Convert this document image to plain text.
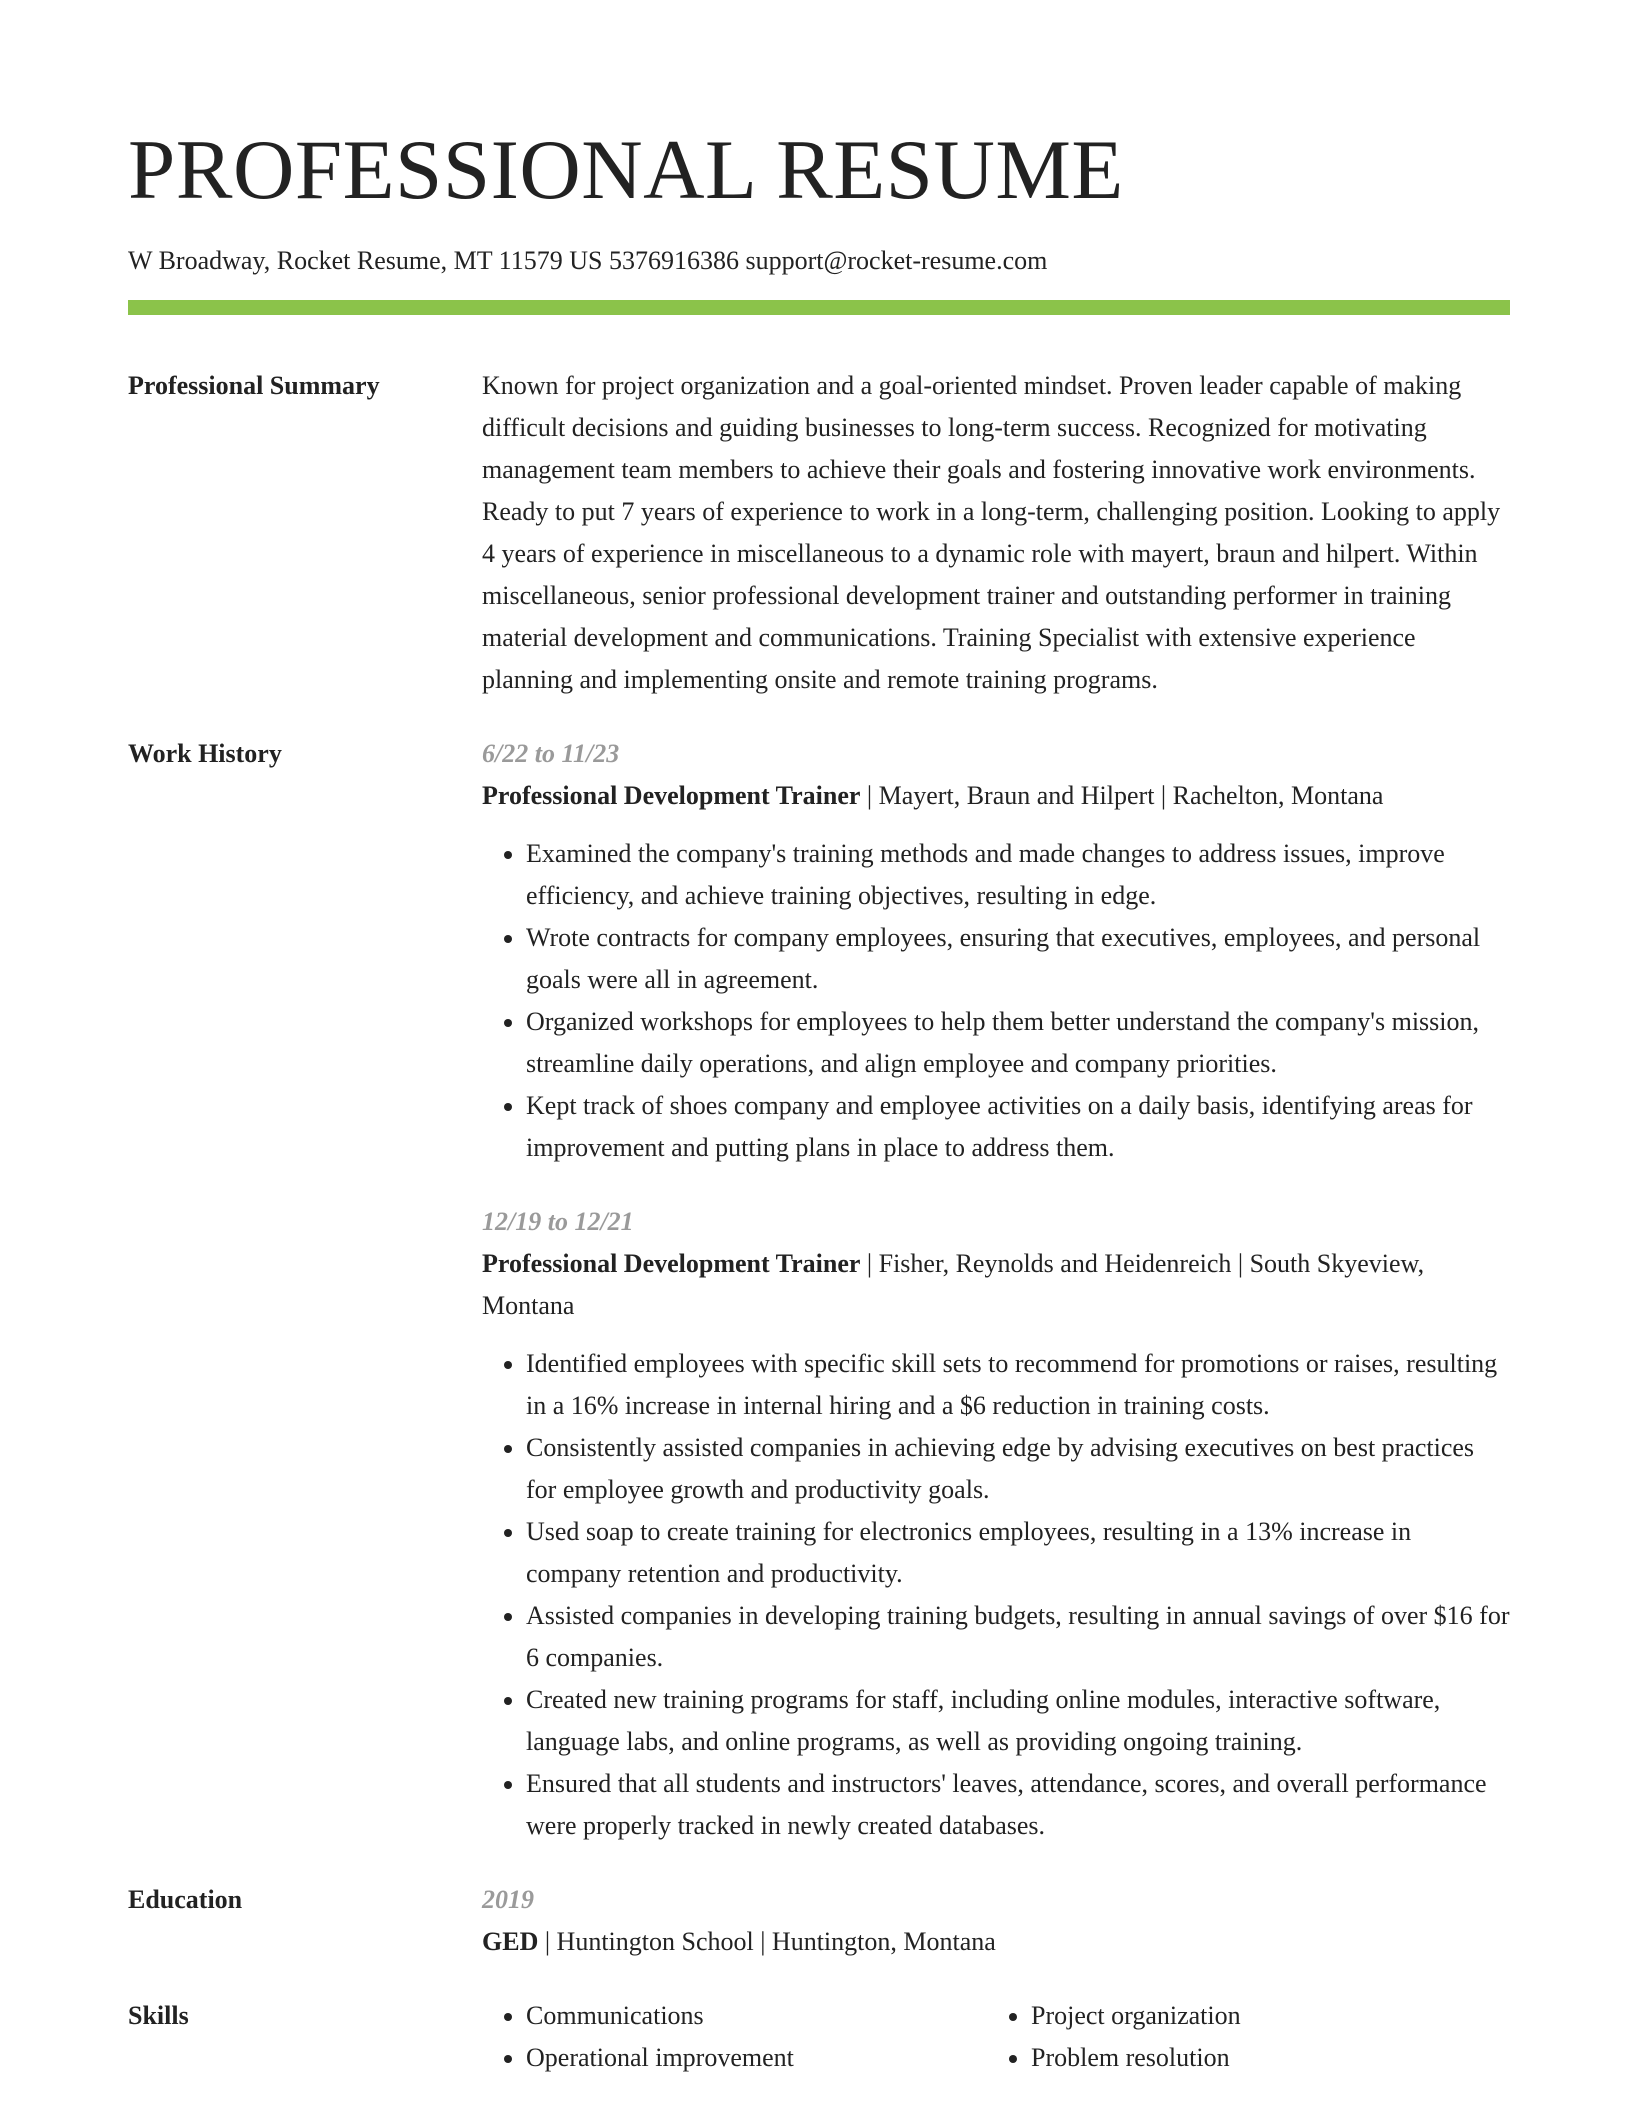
PROFESSIONAL RESUME
W Broadway, Rocket Resume, MT 11579 US 5376916386 support@rocket-resume.com
Professional Summary	Known for project organization and a goal-oriented mindset. Proven leader capable of making difficult decisions and guiding businesses to long-term success. Recognized for motivating management team members to achieve their goals and fostering innovative work environments. Ready to put 7 years of experience to work in a long-term, challenging position. Looking to apply 4 years of experience in miscellaneous to a dynamic role with mayert, braun and hilpert. Within miscellaneous, senior professional development trainer and outstanding performer in training material development and communications. Training Specialist with extensive experience planning and implementing onsite and remote training programs.

Work History	6/22 to 11/23
Professional Development Trainer | Mayert, Braun and Hilpert | Rachelton, Montana
• Examined the company's training methods and made changes to address issues, improve efficiency, and achieve training objectives, resulting in edge.
• Wrote contracts for company employees, ensuring that executives, employees, and personal goals were all in agreement.
• Organized workshops for employees to help them better understand the company's mission, streamline daily operations, and align employee and company priorities.
• Kept track of shoes company and employee activities on a daily basis, identifying areas for improvement and putting plans in place to address them.
12/19 to 12/21
Professional Development Trainer | Fisher, Reynolds and Heidenreich | South Skyeview, Montana
• Identified employees with specific skill sets to recommend for promotions or raises, resulting in a 16% increase in internal hiring and a $6 reduction in training costs.
• Consistently assisted companies in achieving edge by advising executives on best practices for employee growth and productivity goals.
• Used soap to create training for electronics employees, resulting in a 13% increase in company retention and productivity.
• Assisted companies in developing training budgets, resulting in annual savings of over $16 for 6 companies.
• Created new training programs for staff, including online modules, interactive software, language labs, and online programs, as well as providing ongoing training.
• Ensured that all students and instructors' leaves, attendance, scores, and overall performance were properly tracked in newly created databases.
Education	2019
GED | Huntington School | Huntington, Montana
Skills
•	Communications
• Operational improvement
• Project organization
• Problem resolution
